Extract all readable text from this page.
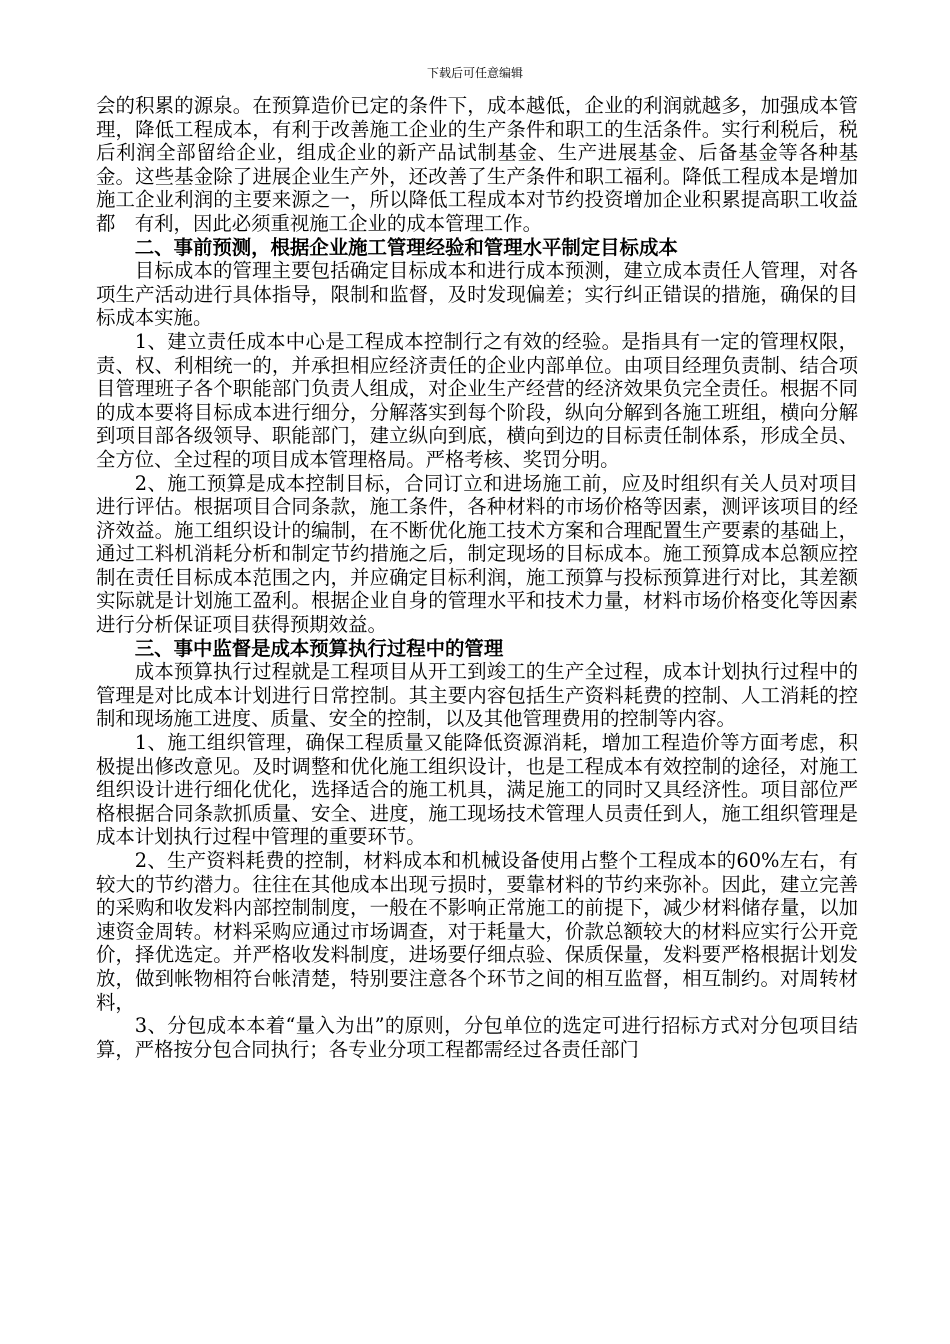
下载后可任意编辑

会的积累的源泉。在预算造价已定的条件下，成本越低，企业的利润就越多，加强成本管理，降低工程成本，有利于改善施工企业的生产条件和职工的生活条件。实行利税后，税后利润全部留给企业，组成企业的新产品试制基金、生产进展基金、后备基金等各种基金。这些基金除了进展企业生产外，还改善了生产条件和职工福利。降低工程成本是增加施工企业利润的主要来源之一，所以降低工程成本对节约投资增加企业积累提高职工收益都　有利，因此必须重视施工企业的成本管理工作。

二、事前预测，根据企业施工管理经验和管理水平制定目标成本

目标成本的管理主要包括确定目标成本和进行成本预测，建立成本责任人管理，对各项生产活动进行具体指导，限制和监督，及时发现偏差；实行纠正错误的措施，确保的目标成本实施。

1、建立责任成本中心是工程成本控制行之有效的经验。是指具有一定的管理权限，责、权、利相统一的，并承担相应经济责任的企业内部单位。由项目经理负责制、结合项目管理班子各个职能部门负责人组成，对企业生产经营的经济效果负完全责任。根据不同的成本要将目标成本进行细分，分解落实到每个阶段，纵向分解到各施工班组，横向分解到项目部各级领导、职能部门，建立纵向到底，横向到边的目标责任制体系，形成全员、全方位、全过程的项目成本管理格局。严格考核、奖罚分明。

2、施工预算是成本控制目标，合同订立和进场施工前，应及时组织有关人员对项目进行评估。根据项目合同条款，施工条件，各种材料的市场价格等因素，测评该项目的经济效益。施工组织设计的编制，在不断优化施工技术方案和合理配置生产要素的基础上，通过工料机消耗分析和制定节约措施之后，制定现场的目标成本。施工预算成本总额应控制在责任目标成本范围之内，并应确定目标利润，施工预算与投标预算进行对比，其差额实际就是计划施工盈利。根据企业自身的管理水平和技术力量，材料市场价格变化等因素进行分析保证项目获得预期效益。

三、事中监督是成本预算执行过程中的管理

成本预算执行过程就是工程项目从开工到竣工的生产全过程，成本计划执行过程中的管理是对比成本计划进行日常控制。其主要内容包括生产资料耗费的控制、人工消耗的控制和现场施工进度、质量、安全的控制，以及其他管理费用的控制等内容。

1、施工组织管理，确保工程质量又能降低资源消耗，增加工程造价等方面考虑，积极提出修改意见。及时调整和优化施工组织设计，也是工程成本有效控制的途径，对施工组织设计进行细化优化，选择适合的施工机具，满足施工的同时又具经济性。项目部位严格根据合同条款抓质量、安全、进度，施工现场技术管理人员责任到人，施工组织管理是成本计划执行过程中管理的重要环节。

2、生产资料耗费的控制，材料成本和机械设备使用占整个工程成本的60%左右，有较大的节约潜力。往往在其他成本出现亏损时，要靠材料的节约来弥补。因此，建立完善的采购和收发料内部控制制度，一般在不影响正常施工的前提下，减少材料储存量，以加速资金周转。材料采购应通过市场调查，对于耗量大，价款总额较大的材料应实行公开竞价，择优选定。并严格收发料制度，进场要仔细点验、保质保量，发料要严格根据计划发放，做到帐物相符台帐清楚，特别要注意各个环节之间的相互监督，相互制约。对周转材料，

3、分包成本本着“量入为出”的原则，分包单位的选定可进行招标方式对分包项目结算，严格按分包合同执行；各专业分项工程都需经过各责任部门
